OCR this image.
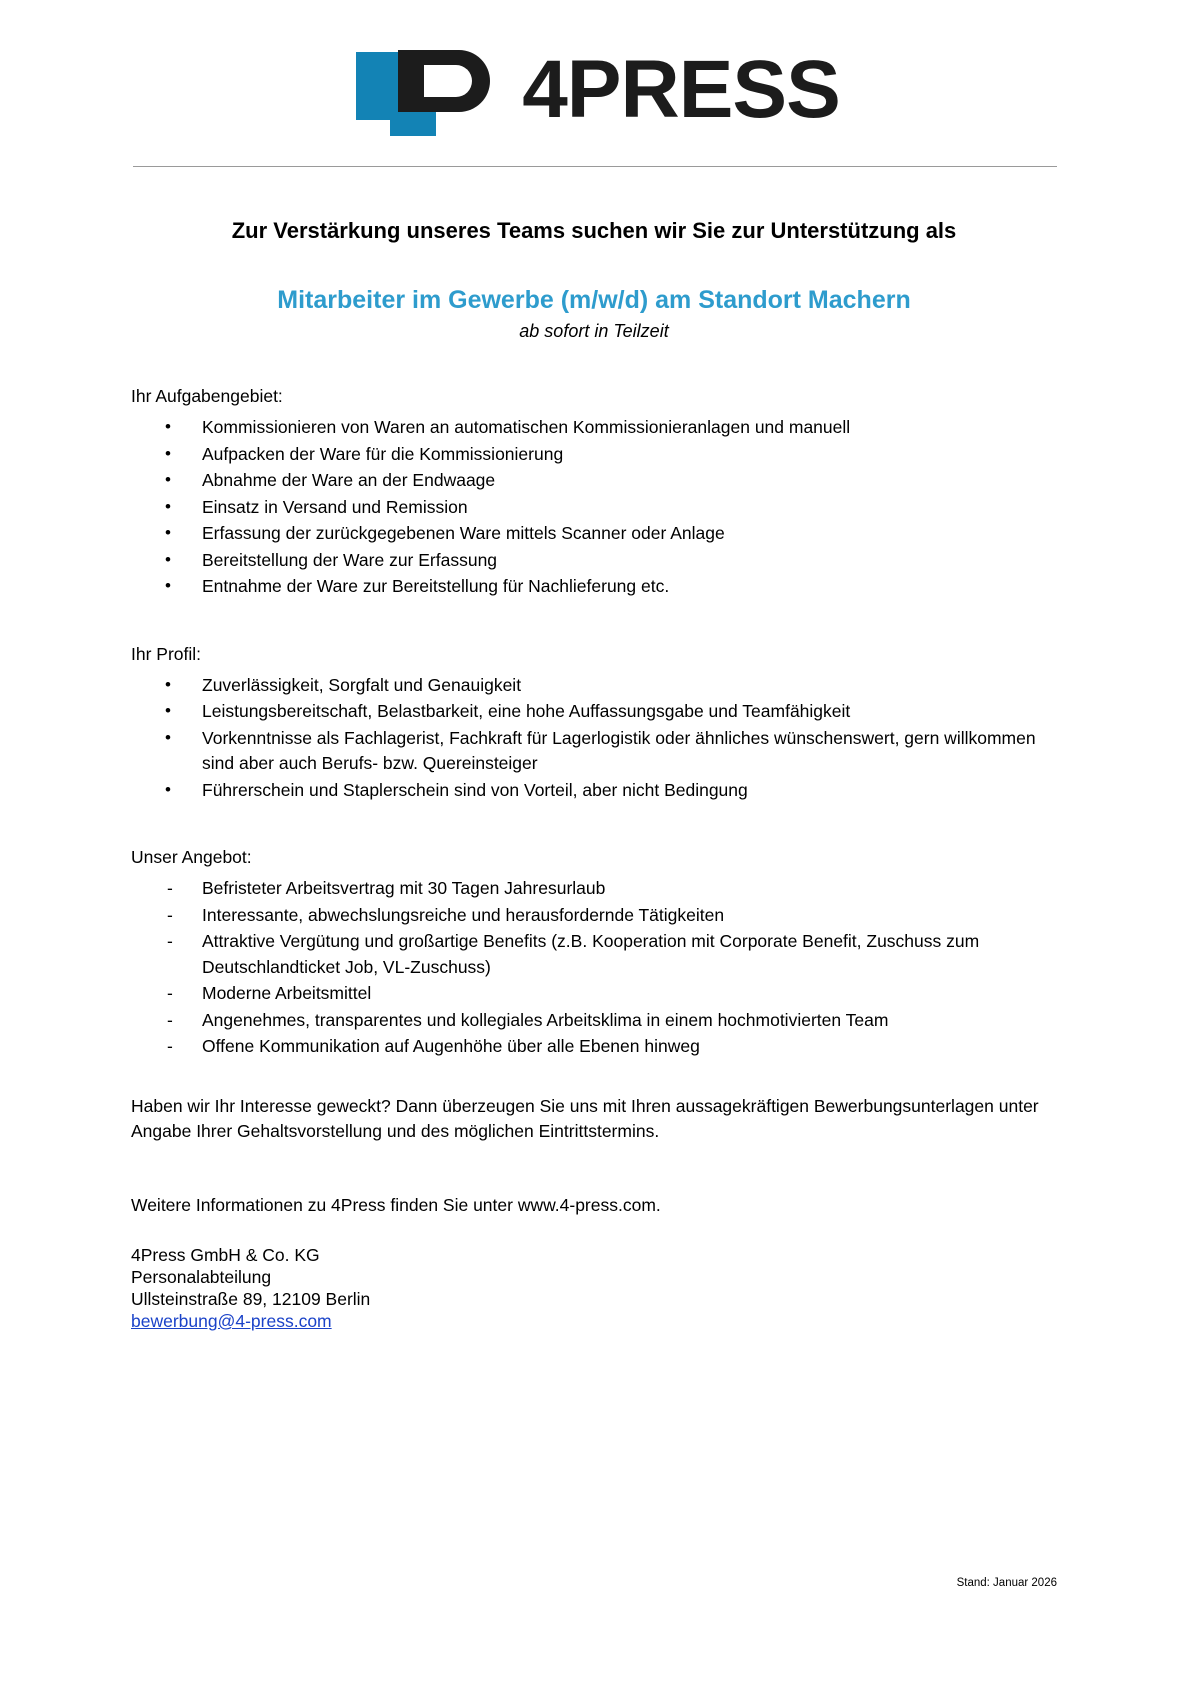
4PRESS
Zur Verstärkung unseres Teams suchen wir Sie zur Unterstützung als
Mitarbeiter im Gewerbe (m/w/d) am Standort Machern
ab sofort in Teilzeit
Ihr Aufgabengebiet:
• Kommissionieren von Waren an automatischen Kommissionieranlagen und manuell
• Aufpacken der Ware für die Kommissionierung
• Abnahme der Ware an der Endwaage
• Einsatz in Versand und Remission
• Erfassung der zurückgegebenen Ware mittels Scanner oder Anlage
• Bereitstellung der Ware zur Erfassung
• Entnahme der Ware zur Bereitstellung für Nachlieferung etc.
Ihr Profil:
• Zuverlässigkeit, Sorgfalt und Genauigkeit
• Leistungsbereitschaft, Belastbarkeit, eine hohe Auffassungsgabe und Teamfähigkeit
• Vorkenntnisse als Fachlagerist, Fachkraft für Lagerlogistik oder ähnliches wünschenswert, gern willkommen sind aber auch Berufs- bzw. Quereinsteiger
• Führerschein und Staplerschein sind von Vorteil, aber nicht Bedingung
Unser Angebot:
- Befristeter Arbeitsvertrag mit 30 Tagen Jahresurlaub
- Interessante, abwechslungsreiche und herausfordernde Tätigkeiten
- Attraktive Vergütung und großartige Benefits (z.B. Kooperation mit Corporate Benefit, Zuschuss zum Deutschlandticket Job, VL-Zuschuss)
- Moderne Arbeitsmittel
- Angenehmes, transparentes und kollegiales Arbeitsklima in einem hochmotivierten Team
- Offene Kommunikation auf Augenhöhe über alle Ebenen hinweg

Haben wir Ihr Interesse geweckt? Dann überzeugen Sie uns mit Ihren aussagekräftigen Bewerbungsunterlagen unter Angabe Ihrer Gehaltsvorstellung und des möglichen Eintrittstermins.

Weitere Informationen zu 4Press finden Sie unter www.4-press.com.

4Press GmbH & Co. KG
Personalabteilung
Ullsteinstraße 89, 12109 Berlin
bewerbung@4-press.com

Stand: Januar 2026
